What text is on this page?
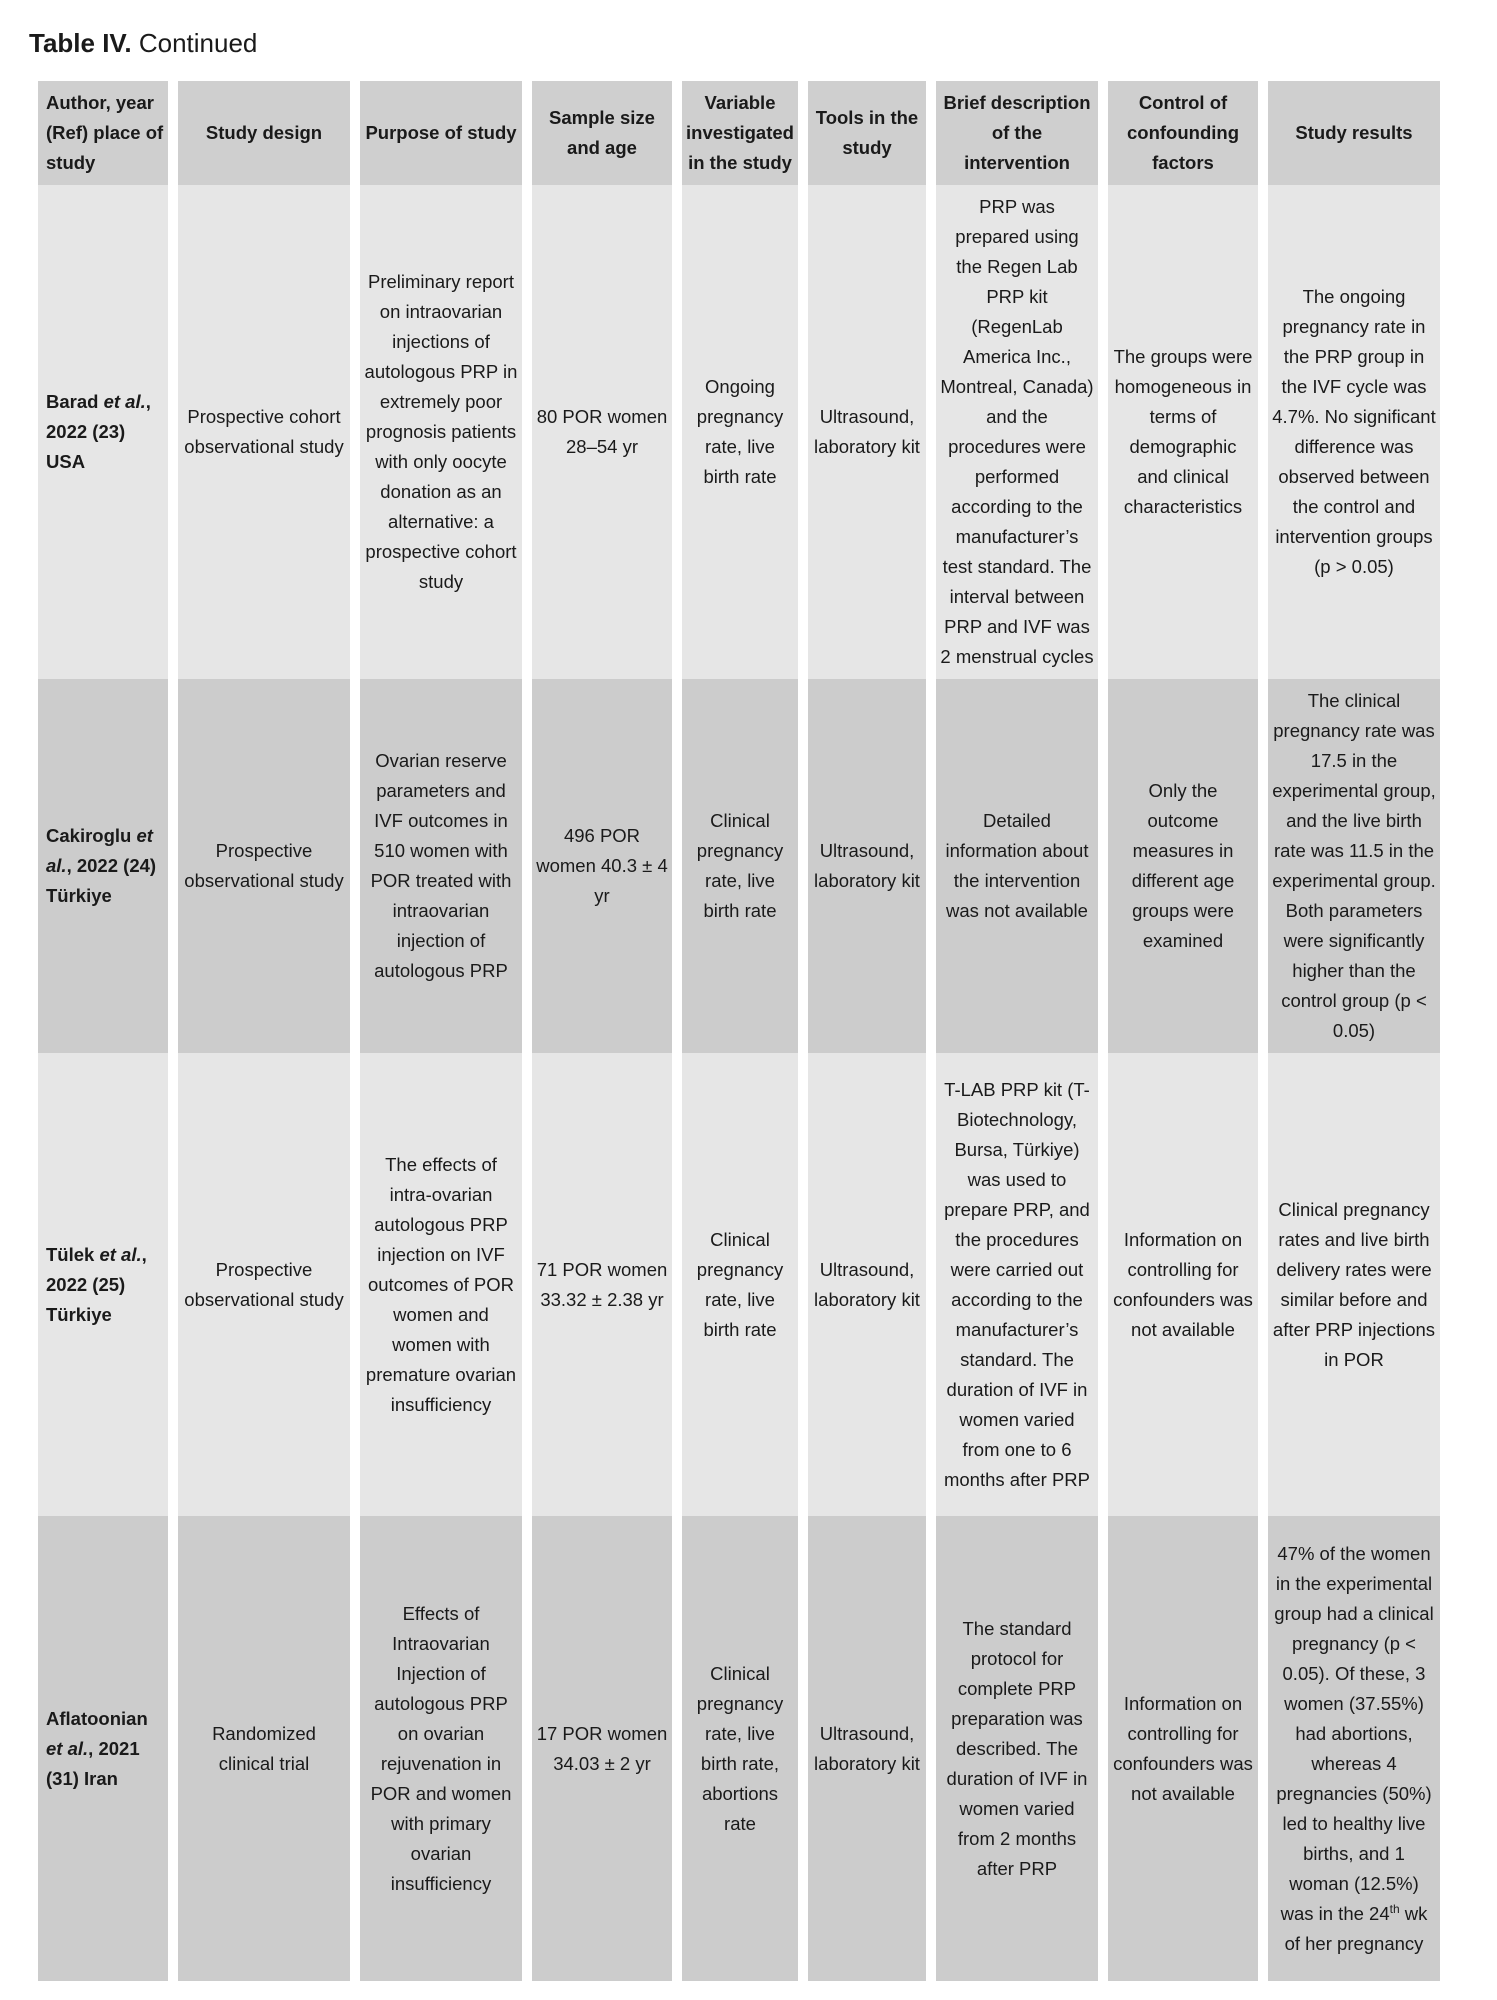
Table IV. Continued
Author, year (Ref) place of study	Study design	Purpose of study	Sample size and age	Variable investigated in the study	Tools in the study	Brief description of the intervention	Control of confounding factors	Study results
Barad et al., 2022 (23) USA	Prospective cohort observational study	Preliminary report on intraovarian injections of autologous PRP in extremely poor prognosis patients with only oocyte donation as an alternative: a prospective cohort study	80 POR women 28–54 yr	Ongoing pregnancy rate, live birth rate	Ultrasound, laboratory kit	PRP was prepared using the Regen Lab PRP kit (RegenLab America Inc., Montreal, Canada) and the procedures were performed according to the manufacturer’s test standard. The interval between PRP and IVF was 2 menstrual cycles	The groups were homogeneous in terms of demographic and clinical characteristics	The ongoing pregnancy rate in the PRP group in the IVF cycle was 4.7%. No significant difference was observed between the control and intervention groups (p > 0.05)
Cakiroglu et al., 2022 (24) Türkiye	Prospective observational study	Ovarian reserve parameters and IVF outcomes in 510 women with POR treated with intraovarian injection of autologous PRP	496 POR women 40.3 ± 4 yr	Clinical pregnancy rate, live birth rate	Ultrasound, laboratory kit	Detailed information about the intervention was not available	Only the outcome measures in different age groups were examined	The clinical pregnancy rate was 17.5 in the experimental group, and the live birth rate was 11.5 in the experimental group. Both parameters were significantly higher than the control group (p < 0.05)
Tülek et al., 2022 (25) Türkiye	Prospective observational study	The effects of intra-ovarian autologous PRP injection on IVF outcomes of POR women and women with premature ovarian insufficiency	71 POR women 33.32 ± 2.38 yr	Clinical pregnancy rate, live birth rate	Ultrasound, laboratory kit	T-LAB PRP kit (T-Biotechnology, Bursa, Türkiye) was used to prepare PRP, and the procedures were carried out according to the manufacturer’s standard. The duration of IVF in women varied from one to 6 months after PRP	Information on controlling for confounders was not available	Clinical pregnancy rates and live birth delivery rates were similar before and after PRP injections in POR
Aflatoonian et al., 2021 (31) Iran	Randomized clinical trial	Effects of Intraovarian Injection of autologous PRP on ovarian rejuvenation in POR and women with primary ovarian insufficiency	17 POR women 34.03 ± 2 yr	Clinical pregnancy rate, live birth rate, abortions rate	Ultrasound, laboratory kit	The standard protocol for complete PRP preparation was described. The duration of IVF in women varied from 2 months after PRP	Information on controlling for confounders was not available	47% of the women in the experimental group had a clinical pregnancy (p < 0.05). Of these, 3 women (37.55%) had abortions, whereas 4 pregnancies (50%) led to healthy live births, and 1 woman (12.5%) was in the 24th wk of her pregnancy
